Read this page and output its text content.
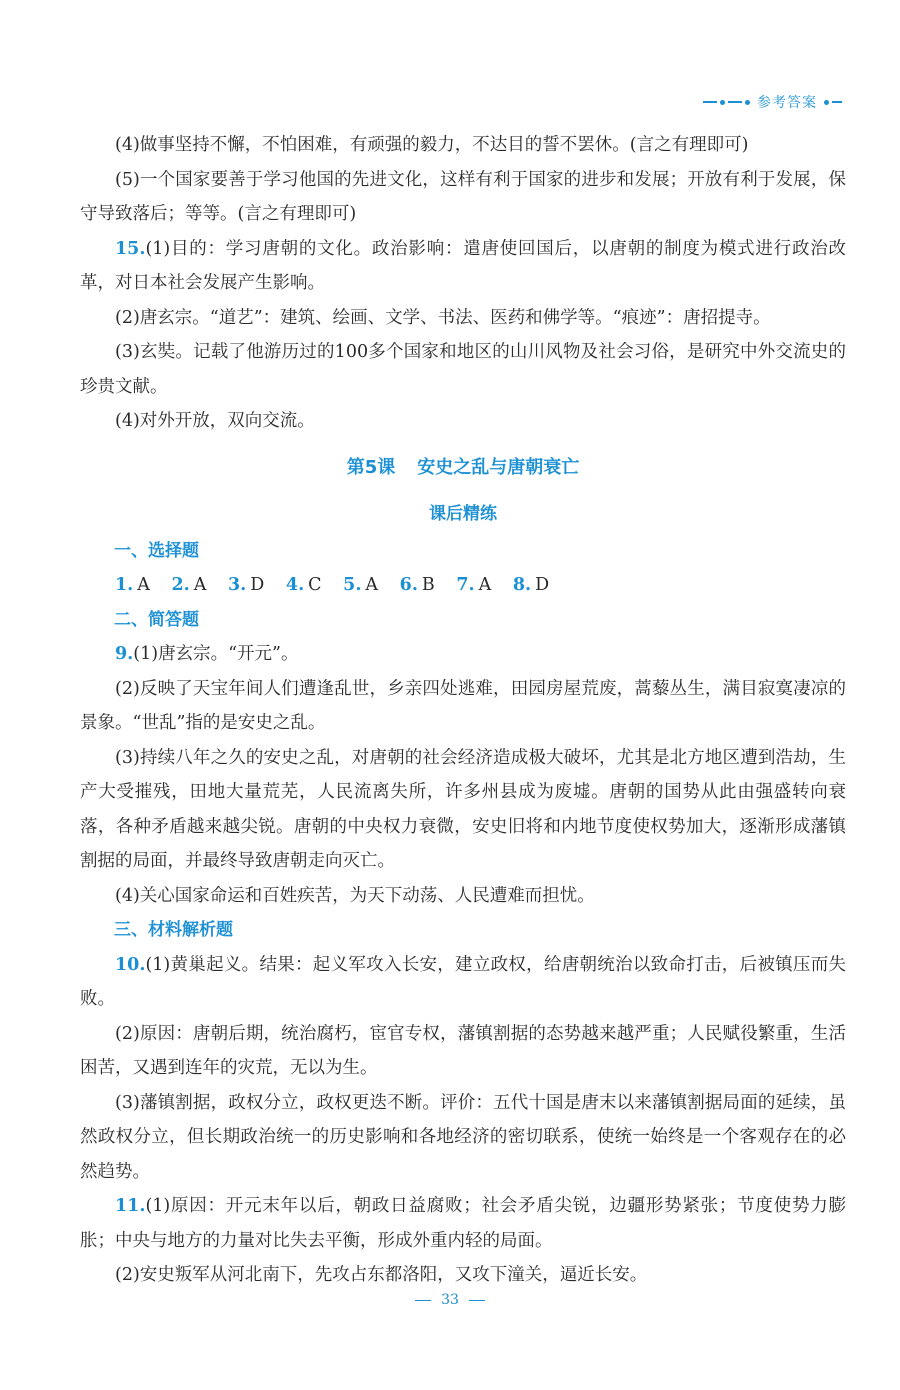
参考答案

(4)做事坚持不懈，不怕困难，有顽强的毅力，不达目的誓不罢休。(言之有理即可)

(5)一个国家要善于学习他国的先进文化，这样有利于国家的进步和发展；开放有利于发展，保守导致落后；等等。(言之有理即可)

15.(1)目的：学习唐朝的文化。政治影响：遣唐使回国后，以唐朝的制度为模式进行政治改革，对日本社会发展产生影响。

(2)唐玄宗。“道艺”：建筑、绘画、文学、书法、医药和佛学等。“痕迹”：唐招提寺。

(3)玄奘。记载了他游历过的100多个国家和地区的山川风物及社会习俗，是研究中外交流史的珍贵文献。

(4)对外开放，双向交流。

第5课 安史之乱与唐朝衰亡
课后精练

一、选择题

1. A 2. A 3. D 4. C 5. A 6. B 7. A 8. D

二、简答题

9.(1)唐玄宗。“开元”。

(2)反映了天宝年间人们遭逢乱世，乡亲四处逃难，田园房屋荒废，蒿藜丛生，满目寂寞凄凉的景象。“世乱”指的是安史之乱。

(3)持续八年之久的安史之乱，对唐朝的社会经济造成极大破坏，尤其是北方地区遭到浩劫，生产大受摧残，田地大量荒芜，人民流离失所，许多州县成为废墟。唐朝的国势从此由强盛转向衰落，各种矛盾越来越尖锐。唐朝的中央权力衰微，安史旧将和内地节度使权势加大，逐渐形成藩镇割据的局面，并最终导致唐朝走向灭亡。

(4)关心国家命运和百姓疾苦，为天下动荡、人民遭难而担忧。

三、材料解析题

10.(1)黄巢起义。结果：起义军攻入长安，建立政权，给唐朝统治以致命打击，后被镇压而失败。

(2)原因：唐朝后期，统治腐朽，宦官专权，藩镇割据的态势越来越严重；人民赋役繁重，生活困苦，又遇到连年的灾荒，无以为生。

(3)藩镇割据，政权分立，政权更迭不断。评价：五代十国是唐末以来藩镇割据局面的延续，虽然政权分立，但长期政治统一的历史影响和各地经济的密切联系，使统一始终是一个客观存在的必然趋势。

11.(1)原因：开元末年以后，朝政日益腐败；社会矛盾尖锐，边疆形势紧张；节度使势力膨胀；中央与地方的力量对比失去平衡，形成外重内轻的局面。

(2)安史叛军从河北南下，先攻占东都洛阳，又攻下潼关，逼近长安。

33
